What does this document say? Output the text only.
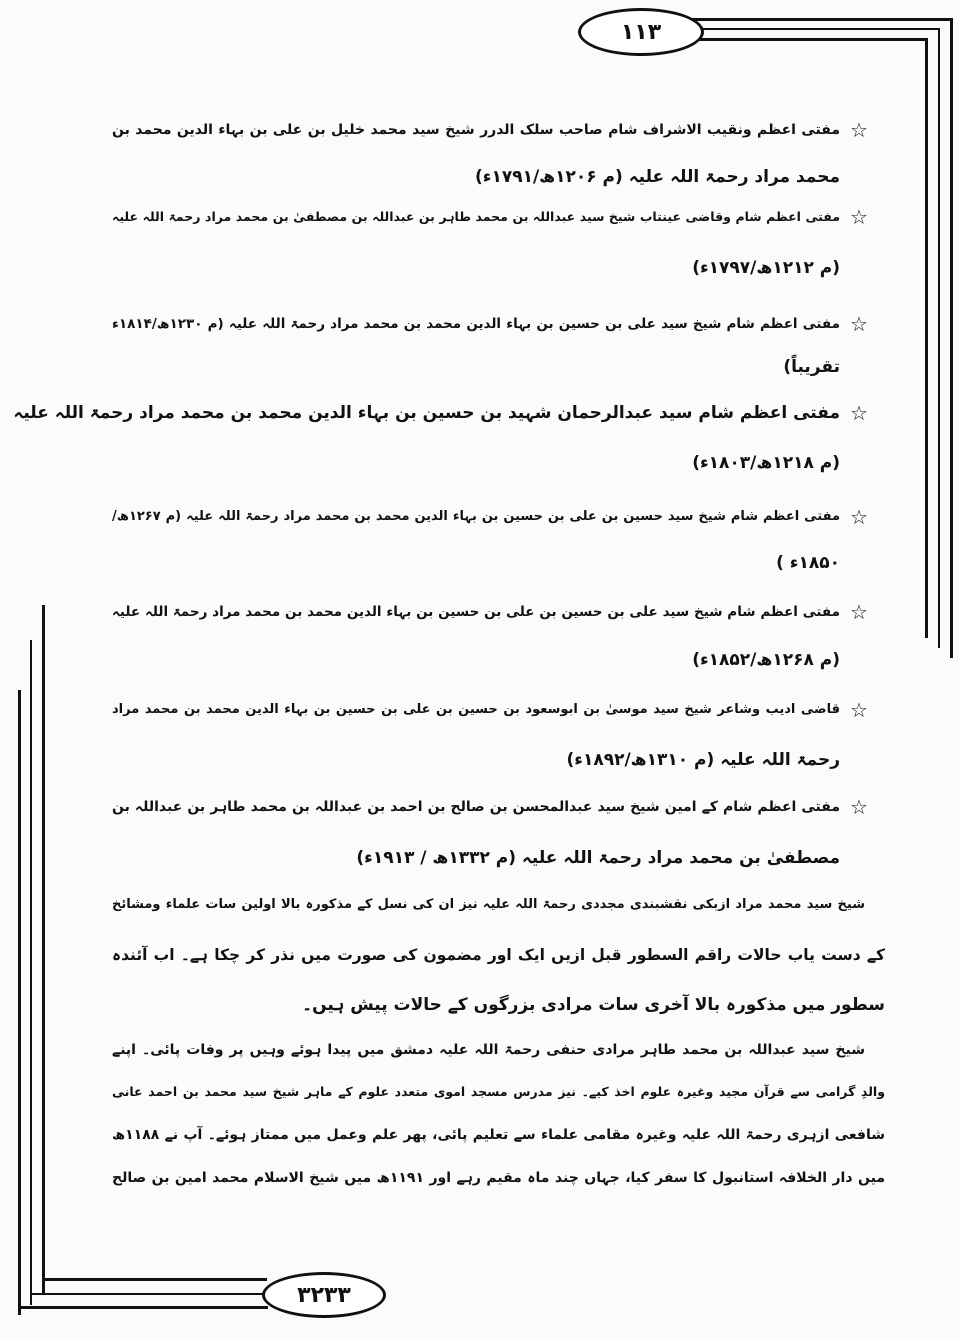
۱۱۳
۳۲۳۳
☆
مفتی اعظم ونقیب الاشراف شام صاحب سلک الدرر شیخ سید محمد خلیل بن علی بن بہاء الدین محمد بن
محمد مراد رحمۃ اللہ علیہ (م ۱۲۰۶ھ/۱۷۹۱ء)
☆
مفتی اعظم شام وقاضی عینتاب شیخ سید عبداللہ بن محمد طاہر بن عبداللہ بن مصطفیٰ بن محمد مراد رحمۃ اللہ علیہ
(م ۱۲۱۲ھ/۱۷۹۷ء)
☆
مفتی اعظم شام شیخ سید علی بن حسین بن بہاء الدین محمد بن محمد مراد رحمۃ اللہ علیہ (م ۱۲۳۰ھ/۱۸۱۴ء
تقریباً)
☆
مفتی اعظم شام سید عبدالرحمان شہید بن حسین بن بہاء الدین محمد بن محمد مراد رحمۃ اللہ علیہ
(م ۱۲۱۸ھ/۱۸۰۳ء)
☆
مفتی اعظم شام شیخ سید حسین بن علی بن حسین بن بہاء الدین محمد بن محمد مراد رحمۃ اللہ علیہ (م ۱۲۶۷ھ/
۱۸۵۰ء )
☆
مفتی اعظم شام شیخ سید علی بن حسین بن علی بن حسین بن بہاء الدین محمد بن محمد مراد رحمۃ اللہ علیہ
(م ۱۲۶۸ھ/۱۸۵۲ء)
☆
قاضی ادیب وشاعر شیخ سید موسیٰ بن ابوسعود بن حسین بن علی بن حسین بن بہاء الدین محمد بن محمد مراد
رحمۃ اللہ علیہ (م ۱۳۱۰ھ/۱۸۹۲ء)
☆
مفتی اعظم شام کے امین شیخ سید عبدالمحسن بن صالح بن احمد بن عبداللہ بن محمد طاہر بن عبداللہ بن
مصطفیٰ بن محمد مراد رحمۃ اللہ علیہ (م ۱۳۳۲ھ / ۱۹۱۳ء)
شیخ سید محمد مراد ازبکی نقشبندی مجددی رحمۃ اللہ علیہ نیز ان کی نسل کے مذکورہ بالا اولین سات علماء ومشائخ
کے دست یاب حالات راقم السطور قبل ازیں ایک اور مضمون کی صورت میں نذر کر چکا ہے۔ اب آئندہ
سطور میں مذکورہ بالا آخری سات مرادی بزرگوں کے حالات پیش ہیں۔
شیخ سید عبداللہ بن محمد طاہر مرادی حنفی رحمۃ اللہ علیہ دمشق میں پیدا ہوئے وہیں پر وفات پائی۔ اپنے
والدِ گرامی سے قرآن مجید وغیرہ علوم اخذ کیے۔ نیز مدرس مسجد اموی متعدد علوم کے ماہر شیخ سید محمد بن احمد عانی
شافعی ازہری رحمۃ اللہ علیہ وغیرہ مقامی علماء سے تعلیم پائی، پھر علم وعمل میں ممتاز ہوئے۔ آپ نے ۱۱۸۸ھ
میں دار الخلافہ استانبول کا سفر کیا، جہاں چند ماہ مقیم رہے اور ۱۱۹۱ھ میں شیخ الاسلام محمد امین بن صالح
